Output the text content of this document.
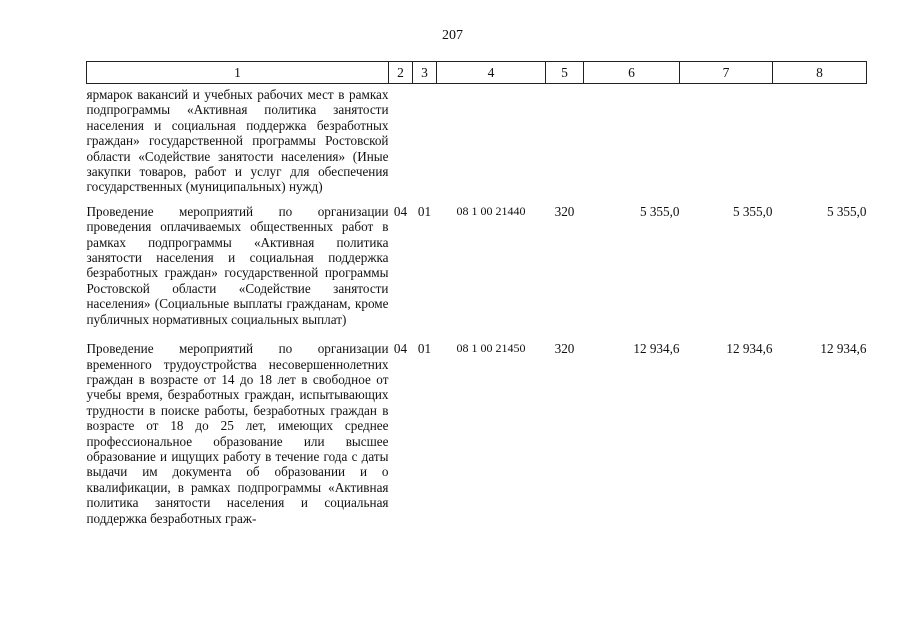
207
1	2	3	4	5	6	7	8
ярмарок вакансий и учебных рабочих мест в рамках подпрограммы «Активная политика занятости населения и социальная поддержка безработных граждан» государственной программы Ростовской области «Содействие занятости населения» (Иные закупки товаров, работ и услуг для обеспечения государственных (муниципальных) нужд)							
Проведение мероприятий по организации проведения оплачиваемых общественных работ в рамках подпрограммы «Активная политика занятости населения и социальная поддержка безработных граждан» государственной программы Ростовской области «Содействие занятости населения» (Социальные выплаты гражданам, кроме публичных нормативных социальных выплат)	04	01	08 1 00 21440	320	5 355,0	5 355,0	5 355,0
Проведение мероприятий по организации временного трудоустройства несовершеннолетних граждан в возрасте от 14 до 18 лет в свободное от учебы время, безработных граждан, испытывающих трудности в поиске работы, безработных граждан в возрасте от 18 до 25 лет, имеющих среднее профессиональное образование или высшее образование и ищущих работу в течение года с даты выдачи им документа об образовании и о квалификации, в рамках подпрограммы «Активная политика занятости населения и социальная поддержка безработных граж-	04	01	08 1 00 21450	320	12 934,6	12 934,6	12 934,6
